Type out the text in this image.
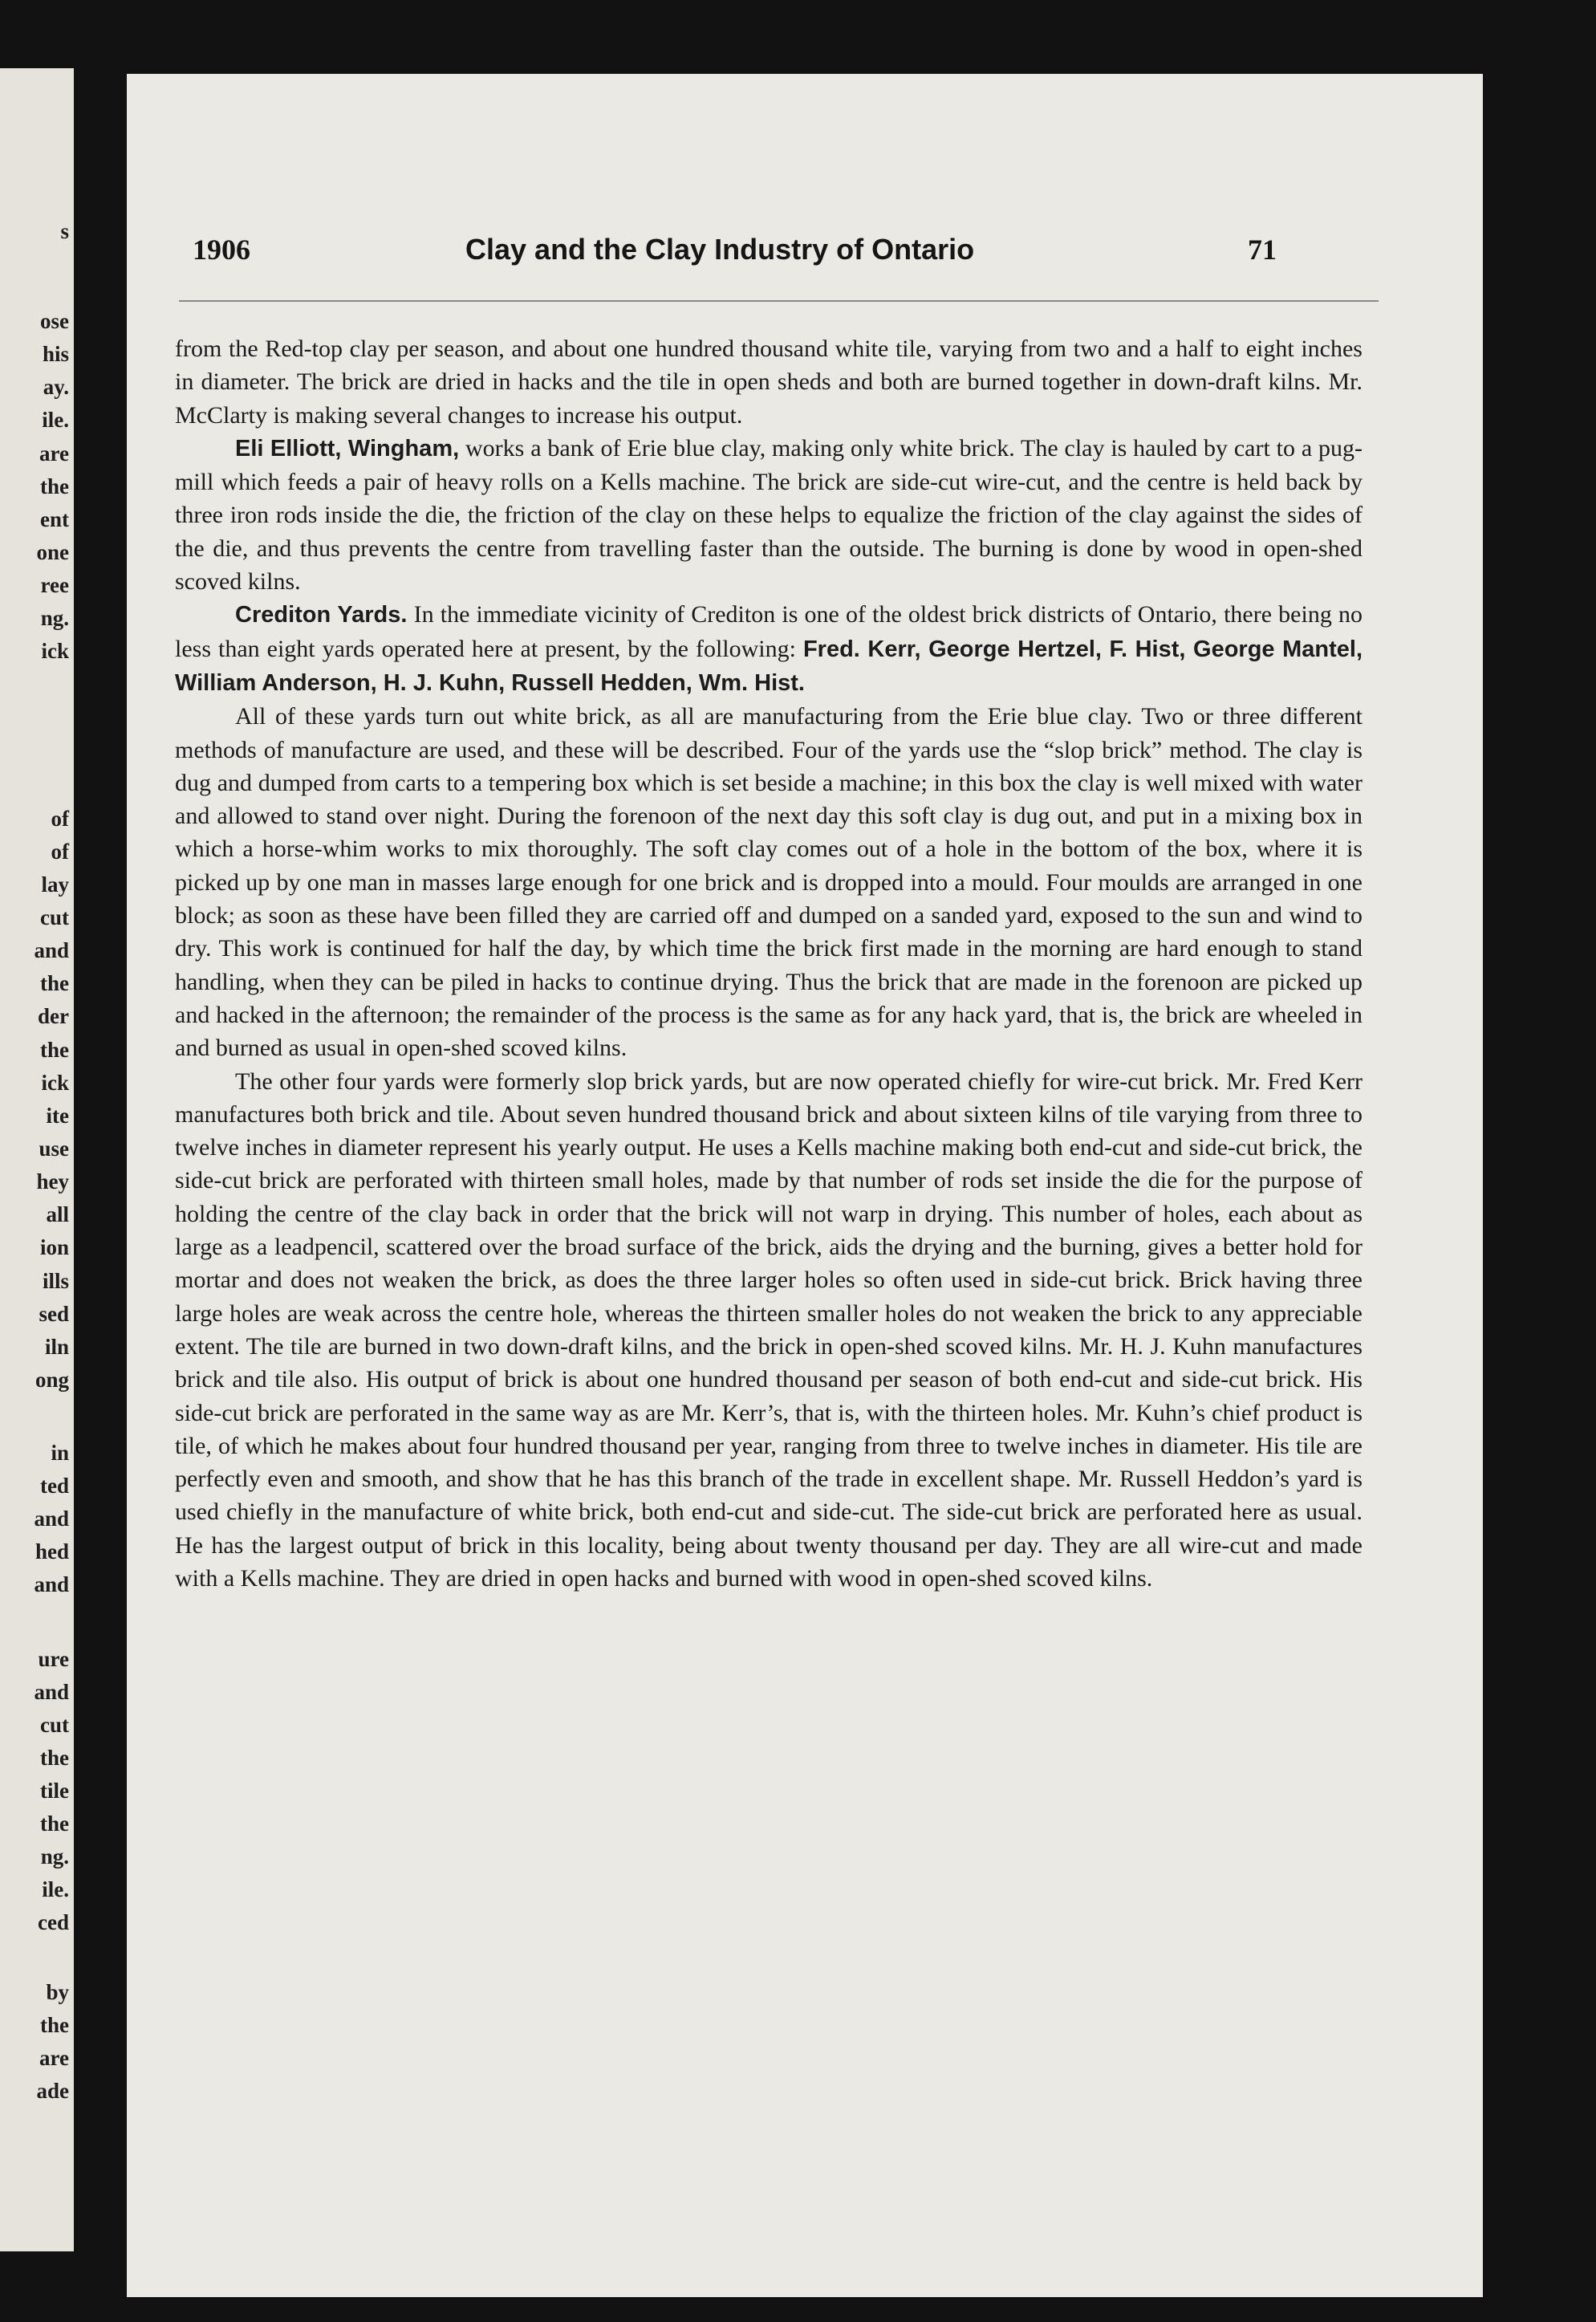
s
ose
his
ay.
ile.
are
the
ent
one
ree
ng.
ick
of
of
lay
cut
and
the
der
the
ick
ite
use
hey
all
ion
ills
sed
iln
ong
in
ted
and
hed
and
ure
and
cut
the
tile
the
ng.
ile.
ced
by
the
are
ade
1906	Clay and the Clay Industry of Ontario	71

from the Red-top clay per season, and about one hundred thousand white tile, varying from two and a half to eight inches in diameter. The brick are dried in hacks and the tile in open sheds and both are burned together in down-draft kilns. Mr. McClarty is making several changes to increase his output.

Eli Elliott, Wingham, works a bank of Erie blue clay, making only white brick. The clay is hauled by cart to a pug-mill which feeds a pair of heavy rolls on a Kells machine. The brick are side-cut wire-cut, and the centre is held back by three iron rods inside the die, the friction of the clay on these helps to equalize the friction of the clay against the sides of the die, and thus prevents the centre from travelling faster than the outside. The burning is done by wood in open-shed scoved kilns.

Crediton Yards. In the immediate vicinity of Crediton is one of the oldest brick districts of Ontario, there being no less than eight yards operated here at present, by the following: Fred. Kerr, George Hertzel, F. Hist, George Mantel, William Anderson, H. J. Kuhn, Russell Hedden, Wm. Hist.

All of these yards turn out white brick, as all are manufacturing from the Erie blue clay. Two or three different methods of manufacture are used, and these will be described. Four of the yards use the “slop brick” method. The clay is dug and dumped from carts to a tempering box which is set beside a machine; in this box the clay is well mixed with water and allowed to stand over night. During the forenoon of the next day this soft clay is dug out, and put in a mixing box in which a horse-whim works to mix thoroughly. The soft clay comes out of a hole in the bottom of the box, where it is picked up by one man in masses large enough for one brick and is dropped into a mould. Four moulds are arranged in one block; as soon as these have been filled they are carried off and dumped on a sanded yard, exposed to the sun and wind to dry. This work is continued for half the day, by which time the brick first made in the morning are hard enough to stand handling, when they can be piled in hacks to continue drying. Thus the brick that are made in the forenoon are picked up and hacked in the afternoon; the remainder of the process is the same as for any hack yard, that is, the brick are wheeled in and burned as usual in open-shed scoved kilns.

The other four yards were formerly slop brick yards, but are now operated chiefly for wire-cut brick. Mr. Fred Kerr manufactures both brick and tile. About seven hundred thousand brick and about sixteen kilns of tile varying from three to twelve inches in diameter represent his yearly output. He uses a Kells machine making both end-cut and side-cut brick, the side-cut brick are perforated with thirteen small holes, made by that number of rods set inside the die for the purpose of holding the centre of the clay back in order that the brick will not warp in drying. This number of holes, each about as large as a leadpencil, scattered over the broad surface of the brick, aids the drying and the burning, gives a better hold for mortar and does not weaken the brick, as does the three larger holes so often used in side-cut brick. Brick having three large holes are weak across the centre hole, whereas the thirteen smaller holes do not weaken the brick to any appreciable extent. The tile are burned in two down-draft kilns, and the brick in open-shed scoved kilns. Mr. H. J. Kuhn manufactures brick and tile also. His output of brick is about one hundred thousand per season of both end-cut and side-cut brick. His side-cut brick are perforated in the same way as are Mr. Kerr’s, that is, with the thirteen holes. Mr. Kuhn’s chief product is tile, of which he makes about four hundred thousand per year, ranging from three to twelve inches in diameter. His tile are perfectly even and smooth, and show that he has this branch of the trade in excellent shape. Mr. Russell Heddon’s yard is used chiefly in the manufacture of white brick, both end-cut and side-cut. The side-cut brick are perforated here as usual. He has the largest output of brick in this locality, being about twenty thousand per day. They are all wire-cut and made with a Kells machine. They are dried in open hacks and burned with wood in open-shed scoved kilns.
